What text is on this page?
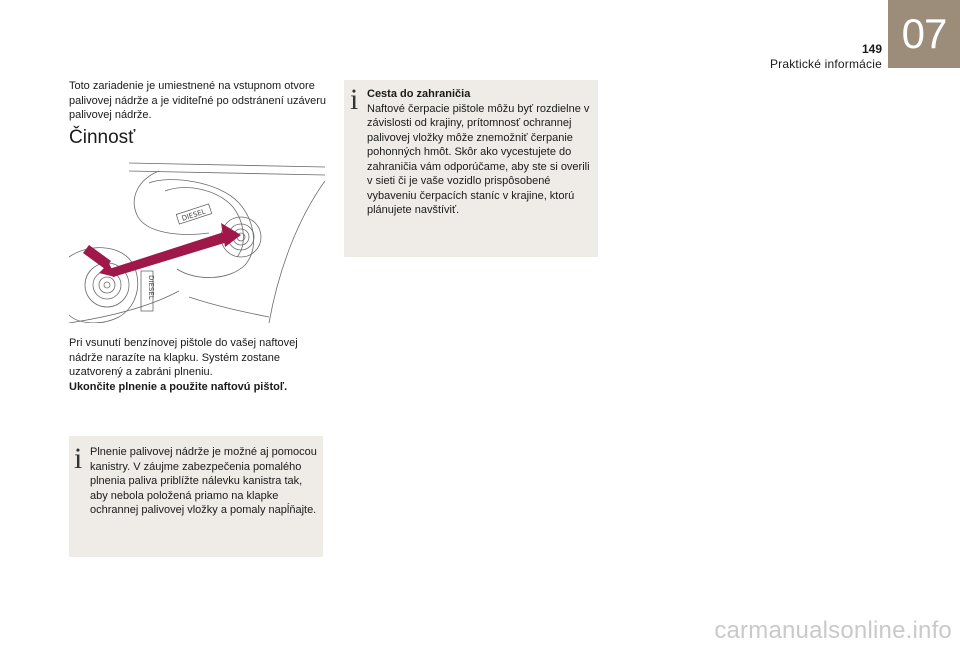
149
Praktické informácie
07
Toto zariadenie je umiestnené na vstupnom otvore palivovej nádrže a je viditeľné po odstránení uzáveru palivovej nádrže.
Činnosť
DIESEL
DIESEL
Pri vsunutí benzínovej pištole do vašej naftovej nádrže narazíte na klapku. Systém zostane uzatvorený a zabráni plneniu.
Ukončite plnenie a použite naftovú pištoľ.
i Plnenie palivovej nádrže je možné aj pomocou kanistry. V záujme zabezpečenia pomalého plnenia paliva priblížte nálevku kanistra tak, aby nebola položená priamo na klapke ochrannej palivovej vložky a pomaly napĺňajte.
i Cesta do zahraničia
Naftové čerpacie pištole môžu byť rozdielne v závislosti od krajiny, prítomnosť ochrannej palivovej vložky môže znemožniť čerpanie pohonných hmôt. Skôr ako vycestujete do zahraničia vám odporúčame, aby ste si overili v sieti či je vaše vozidlo prispôsobené vybaveniu čerpacích staníc v krajine, ktorú plánujete navštíviť.
carmanualsonline.info
